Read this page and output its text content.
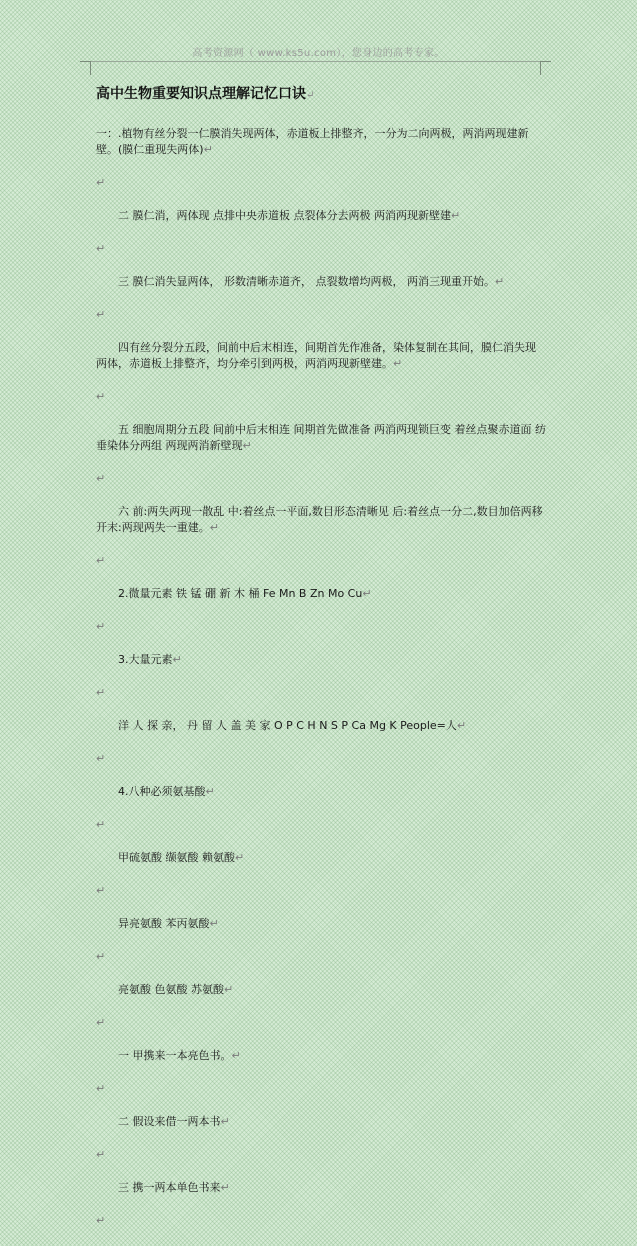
高考资源网（ www.ks5u.com），您身边的高考专家。
高中生物重要知识点理解记忆口诀↵
一：.植物有丝分裂一仁膜消失现两体，赤道板上排整齐，一分为二向两极，两消两现建新壁。(膜仁重现失两体)↵
↵
二 膜仁消，两体现 点排中央赤道板 点裂体分去两极 两消两现新壁建↵
↵
三 膜仁消失显两体， 形数清晰赤道齐， 点裂数增均两极， 两消三现重开始。↵
↵
四有丝分裂分五段，间前中后末相连，间期首先作准备，染体复制在其间，膜仁消失现两体，赤道板上排整齐，均分牵引到两极，两消两现新壁建。↵
↵
五 细胞周期分五段 间前中后末相连 间期首先做准备 两消两现锁巨变 着丝点聚赤道面 纺垂染体分两组 两现两消新壁现↵
↵
六 前:两失两现一散乱 中:着丝点一平面,数目形态清晰见 后:着丝点一分二,数目加倍两移开末:两现两失一重建。↵
↵
2.微量元素 铁 锰 硼 新 木 桶 Fe Mn B Zn Mo Cu↵
↵
3.大量元素↵
↵
洋 人 探 亲， 丹 留 人 盖 美 家 O P C H N S P Ca Mg K People=人↵
↵
4.八种必须氨基酸↵
↵
甲硫氨酸 缬氨酸 赖氨酸↵
↵
异亮氨酸 苯丙氨酸↵
↵
亮氨酸 色氨酸 苏氨酸↵
↵
一 甲携来一本亮色书。↵
↵
二 假设来借一两本书↵
↵
三 携一两本单色书来↵
↵
